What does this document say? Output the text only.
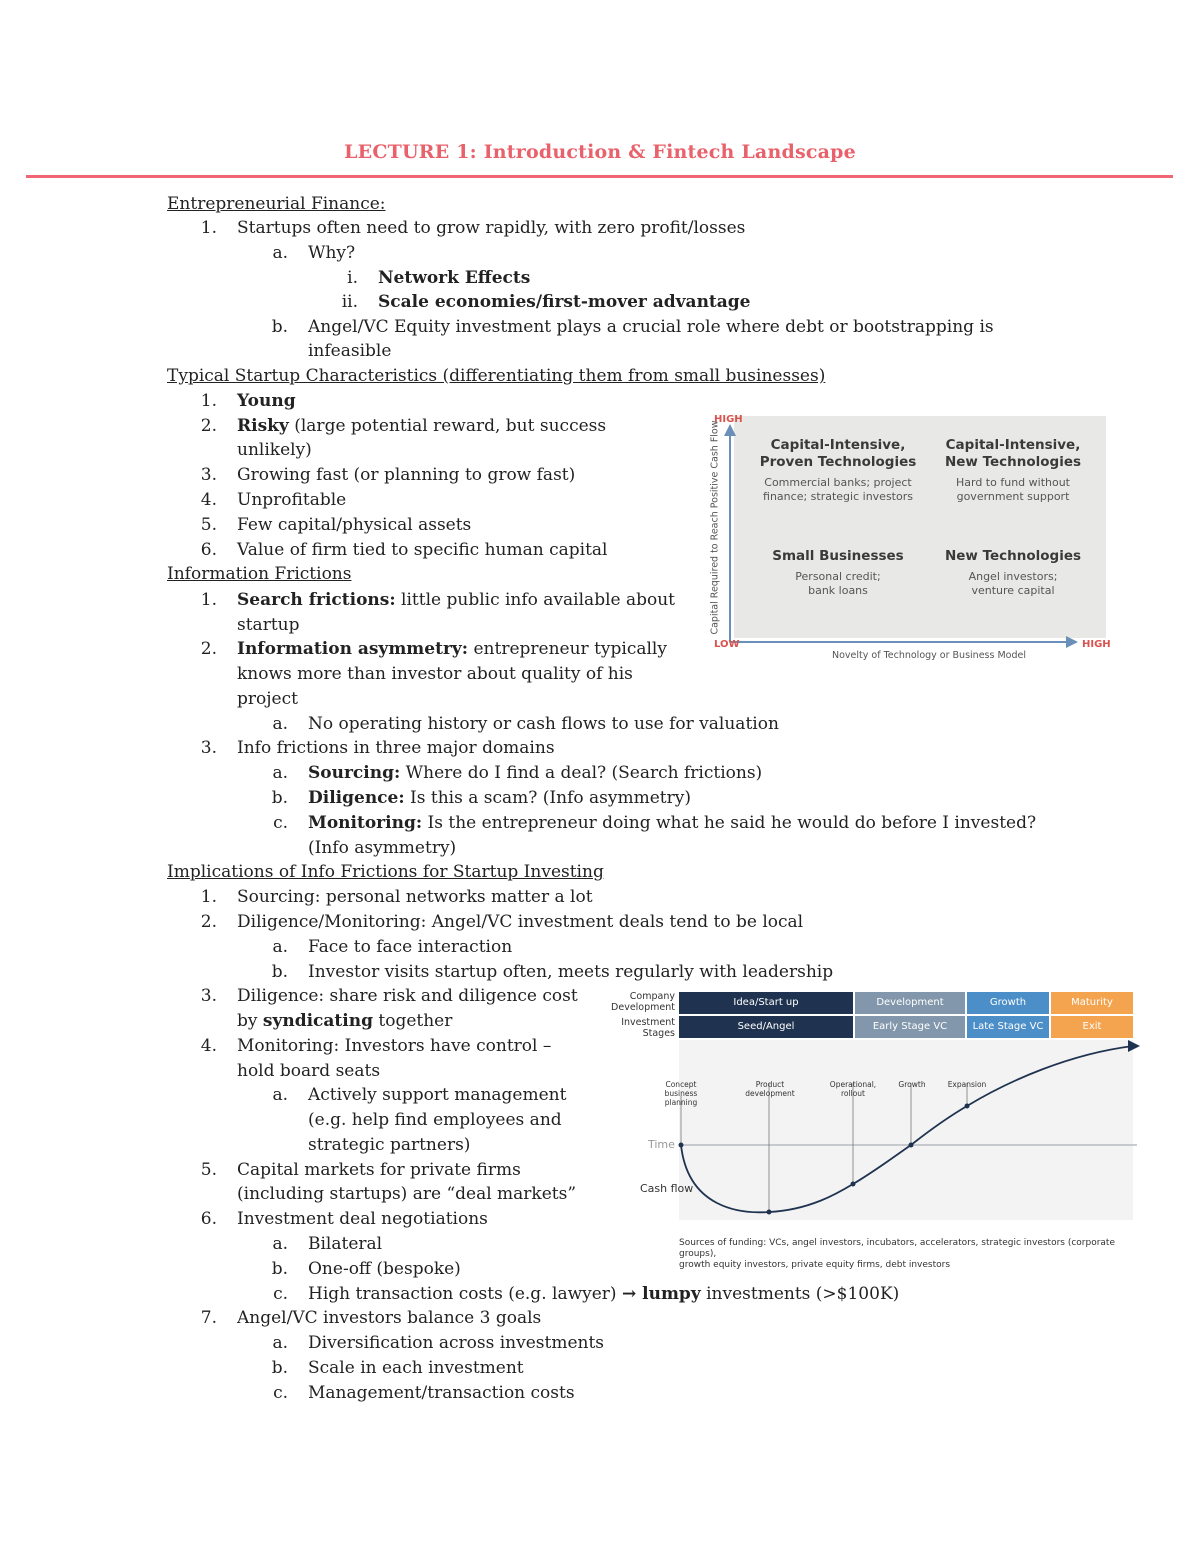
LECTURE 1: Introduction & Fintech Landscape
Entrepreneurial Finance:
1. Startups often need to grow rapidly, with zero profit/losses
a. Why?
i. Network Effects
ii. Scale economies/first-mover advantage
b. Angel/VC Equity investment plays a crucial role where debt or bootstrapping is
infeasible
Typical Startup Characteristics (differentiating them from small businesses)
1. Young
2. Risky (large potential reward, but success
unlikely)
3. Growing fast (or planning to grow fast)
4. Unprofitable
5. Few capital/physical assets
6. Value of firm tied to specific human capital
Information Frictions
1. Search frictions: little public info available about
startup
2. Information asymmetry: entrepreneur typically
knows more than investor about quality of his
project
a. No operating history or cash flows to use for valuation
3. Info frictions in three major domains
a. Sourcing: Where do I find a deal? (Search frictions)
b. Diligence: Is this a scam? (Info asymmetry)
c. Monitoring: Is the entrepreneur doing what he said he would do before I invested?
(Info asymmetry)
Implications of Info Frictions for Startup Investing
1. Sourcing: personal networks matter a lot
2. Diligence/Monitoring: Angel/VC investment deals tend to be local
a. Face to face interaction
b. Investor visits startup often, meets regularly with leadership
3. Diligence: share risk and diligence cost
by syndicating together
4. Monitoring: Investors have control –
hold board seats
a. Actively support management
(e.g. help find employees and
strategic partners)
5. Capital markets for private firms
(including startups) are “deal markets”
6. Investment deal negotiations
a. Bilateral
b. One-off (bespoke)
c. High transaction costs (e.g. lawyer) → lumpy investments (>$100K)
7. Angel/VC investors balance 3 goals
a. Diversification across investments
b. Scale in each investment
c. Management/transaction costs
HIGH
LOW	HIGH
Novelty of Technology or Business Model
Capital Required to Reach Positive Cash Flow	Capital-Intensive,
Proven Technologies
Commercial banks; project
finance; strategic investors
Capital-Intensive,
New Technologies
Hard to fund without
government support
Small Businesses
Personal credit;
bank loans
New Technologies
Angel investors;
venture capital
Company
Development
Investment
Stages
Idea/Start up	Development	Growth	Maturity
Seed/Angel	Early Stage VC	Late Stage VC	Exit
Concept
business
planning
Product
development
Operational,
rollout
Growth	Expansion
Time
Cash flow
Sources of funding: VCs, angel investors, incubators, accelerators, strategic investors (corporate groups),
growth equity investors, private equity firms, debt investors
